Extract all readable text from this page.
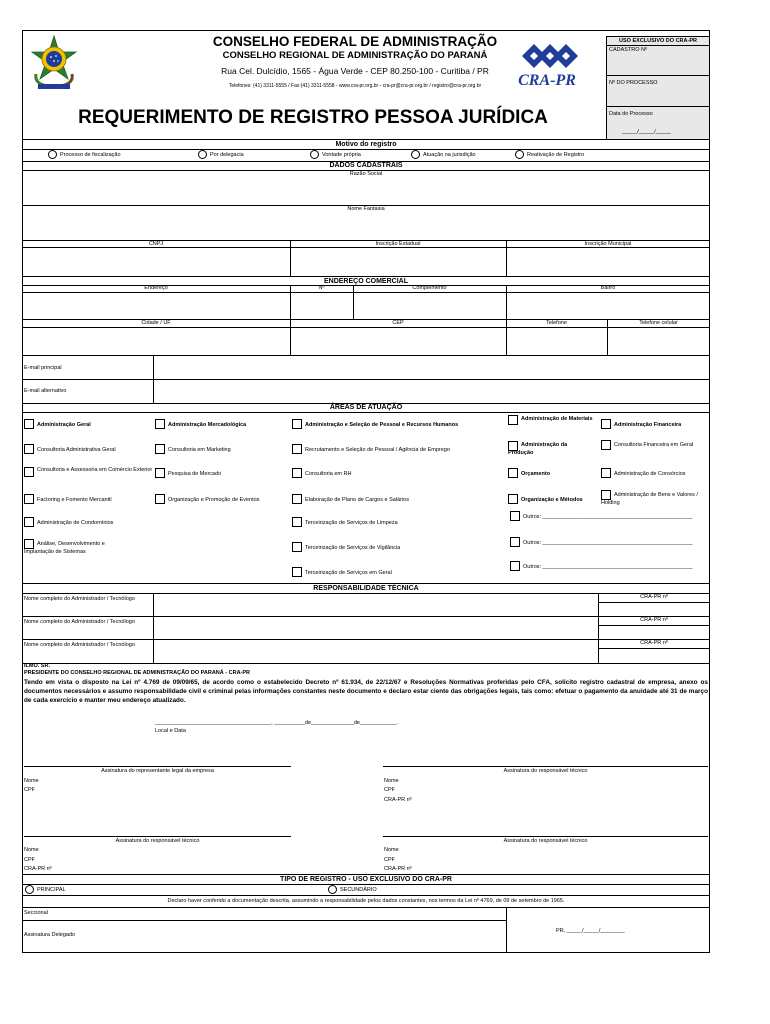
CONSELHO FEDERAL DE ADMINISTRAÇÃO
CONSELHO REGIONAL DE ADMINISTRAÇÃO DO PARANÁ
Rua Cel. Dulcídio, 1565 - Água Verde - CEP 80.250-100 - Curitiba / PR
Telefones: (41) 3311-5555 / Fax:(41) 3311-5558 - www.cra-pr.org.br - cra-pr@cra-pr.org.br / registro@cra-pr.org.br	CRA-PR
USO EXCLUSIVO DO CRA-PR
CADASTRO Nº
Nº DO PROCESSO
Data do Processo
_____/_____/_____
REQUERIMENTO DE REGISTRO PESSOA JURÍDICA
Motivo do registro
Processo de fiscalização	Por delegacia	Vontade própria	Atuação na jurisdição	Reativação de Registro
DADOS CADASTRAIS
Razão Social
Nome Fantasia
CNPJ	Inscrição Estadual	Inscrição Municipal
ENDEREÇO COMERCIAL
Endereço	Nº	Complemento	Bairro
Cidade / UF	CEP	Telefone	Telefone celular
E-mail principal
E-mail alternativo
ÁREAS DE ATUAÇÃO
Administração Geral
Consultoria Administrativa Geral
Consultoria e Assessoria em Comércio Exterior
Factoring e Fomento Mercantil
Administração de Condomínios
Análise, Desenvolvimento e Implantação de Sistemas
Administração Mercadológica
Consultoria em Marketing
Pesquisa de Mercado
Organização e Promoção de Eventos
Administração e Seleção de Pessoal e Recursos Humanos
Recrutamento e Seleção de Pessoal / Agência de Emprego
Consultoria em RH
Elaboração de Plano de Cargos e Salários
Terceirização de Serviços de Limpeza
Terceirização de Serviços de Vigilância
Terceirização de Serviços em Geral
Administração de Materiais
Administração da Produção
Orçamento
Organização e Métodos
Outros: _________________________________________________
Outros: _________________________________________________
Outros: _________________________________________________
Administração Financeira
Consultoria Financeira em Geral
Administração de Consórcios
Administração de Bens e Valores / Holding
RESPONSABILIDADE TÉCNICA
Nome completo do Administrador / Tecnólogo	CRA-PR nº
Nome completo do Administrador / Tecnólogo	CRA-PR nº
Nome completo do Administrador / Tecnólogo	CRA-PR nº
ILMO. SR.
PRESIDENTE DO CONSELHO REGIONAL DE ADMINISTRAÇÃO DO PARANÁ - CRA-PR
Tendo em vista o disposto na Lei nº 4.769 de 09/09/65, de acordo como o estabelecido Decreto nº 61.934, de 22/12/67 e Resoluções Normativas proferidas pelo CFA, solicito registro cadastral de empresa, anexo os documentos necessários e assumo responsabilidade civil e criminal pelas informações constantes neste documento e declaro estar ciente das obrigações legais, tais como: efetuar o pagamento da anuidade até 31 de março de cada exercício e manter meu endereço atualizado.
______________________________________, __________de______________de____________.
Local e Data
Assinatura do representante legal da empresa
Nome
CPF
Assinatura do responsável técnico
Nome
CPF
CRA-PR nº
Assinatura do responsável técnico
Nome
CPF
CRA-PR nº
Assinatura do responsável técnico
Nome
CPF
CRA-PR nº
TIPO DE REGISTRO - USO EXCLUSIVO DO CRA-PR
PRINCIPAL	SECUNDÁRIO
Declaro haver conferido a documentação descrita, assumindo a responsabilidade pelos dados constantes, nos termos da Lei nº 4769, de 09 de setembro de 1965.
Seccional
Assinatura Delegado
PR, _____/_____/________
